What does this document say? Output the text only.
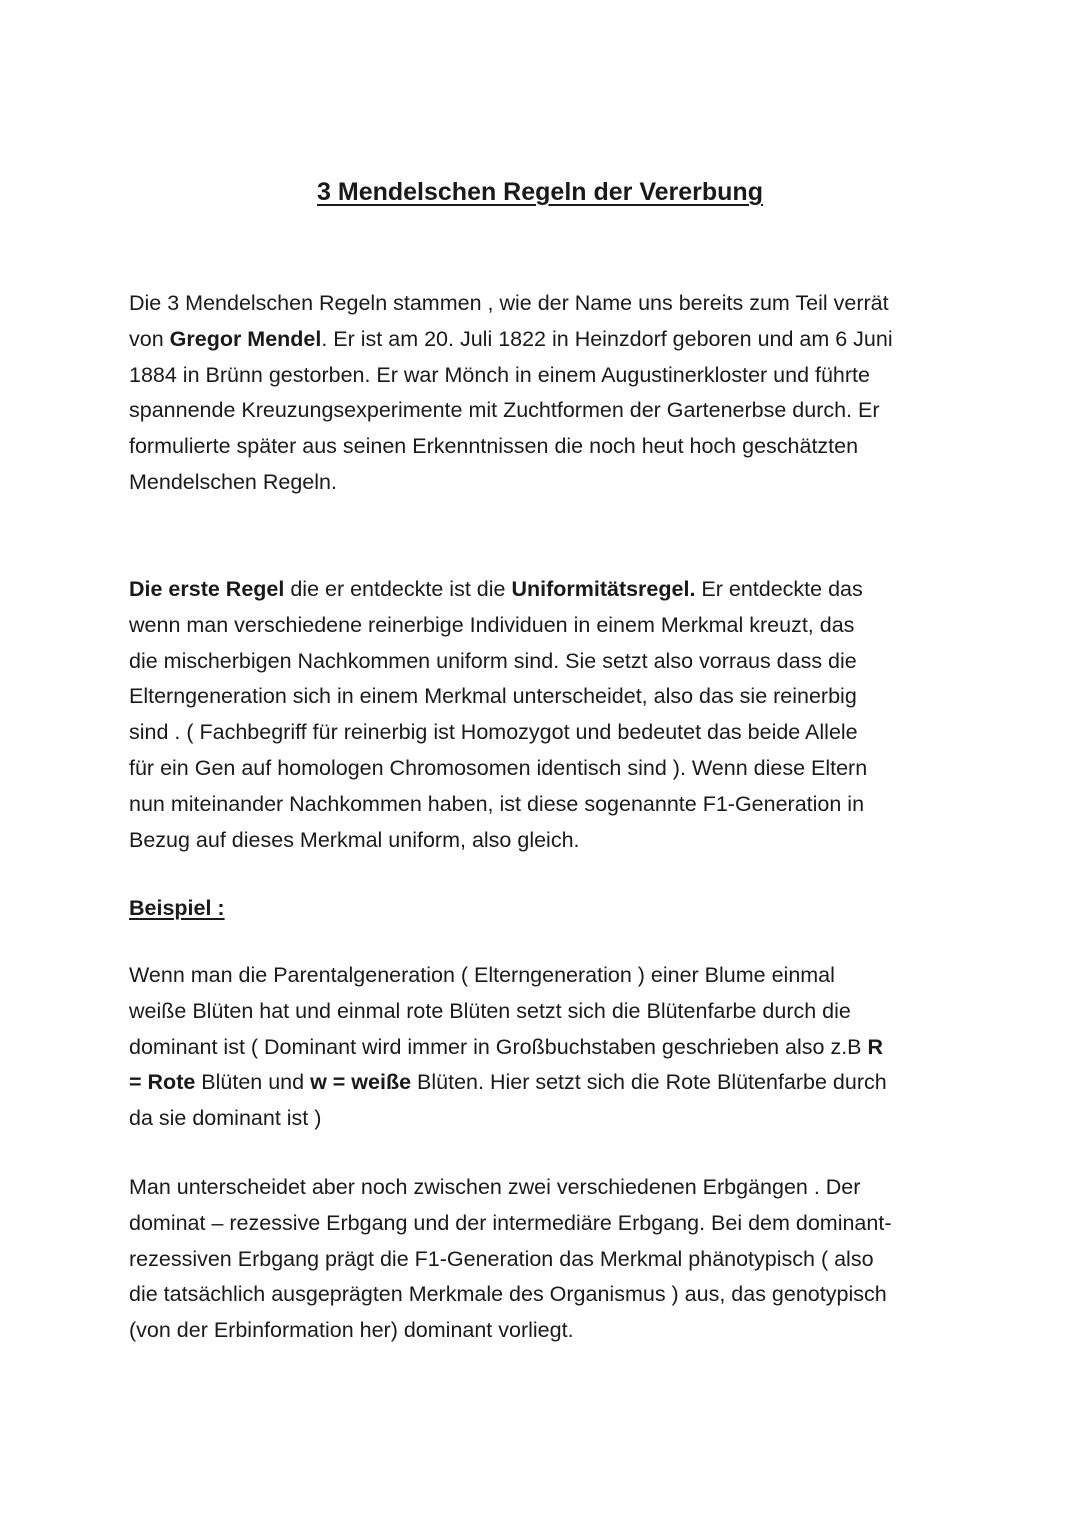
3 Mendelschen Regeln der Vererbung

Die 3 Mendelschen Regeln stammen , wie der Name uns bereits zum Teil verrät
von Gregor Mendel. Er ist am 20. Juli 1822 in Heinzdorf geboren und am 6 Juni
1884 in Brünn gestorben. Er war Mönch in einem Augustinerkloster und führte
spannende Kreuzungsexperimente mit Zuchtformen der Gartenerbse durch. Er
formulierte später aus seinen Erkenntnissen die noch heut hoch geschätzten
Mendelschen Regeln.

Die erste Regel die er entdeckte ist die Uniformitätsregel. Er entdeckte das
wenn man verschiedene reinerbige Individuen in einem Merkmal kreuzt, das
die mischerbigen Nachkommen uniform sind. Sie setzt also vorraus dass die
Elterngeneration sich in einem Merkmal unterscheidet, also das sie reinerbig
sind . ( Fachbegriff für reinerbig ist Homozygot und bedeutet das beide Allele
für ein Gen auf homologen Chromosomen identisch sind ). Wenn diese Eltern
nun miteinander Nachkommen haben, ist diese sogenannte F1-Generation in
Bezug auf dieses Merkmal uniform, also gleich.

Beispiel :

Wenn man die Parentalgeneration ( Elterngeneration ) einer Blume einmal
weiße Blüten hat und einmal rote Blüten setzt sich die Blütenfarbe durch die
dominant ist ( Dominant wird immer in Großbuchstaben geschrieben also z.B R
= Rote Blüten und w = weiße Blüten. Hier setzt sich die Rote Blütenfarbe durch
da sie dominant ist )

Man unterscheidet aber noch zwischen zwei verschiedenen Erbgängen . Der
dominat – rezessive Erbgang und der intermediäre Erbgang. Bei dem dominant-
rezessiven Erbgang prägt die F1-Generation das Merkmal phänotypisch ( also
die tatsächlich ausgeprägten Merkmale des Organismus ) aus, das genotypisch
(von der Erbinformation her) dominant vorliegt.
